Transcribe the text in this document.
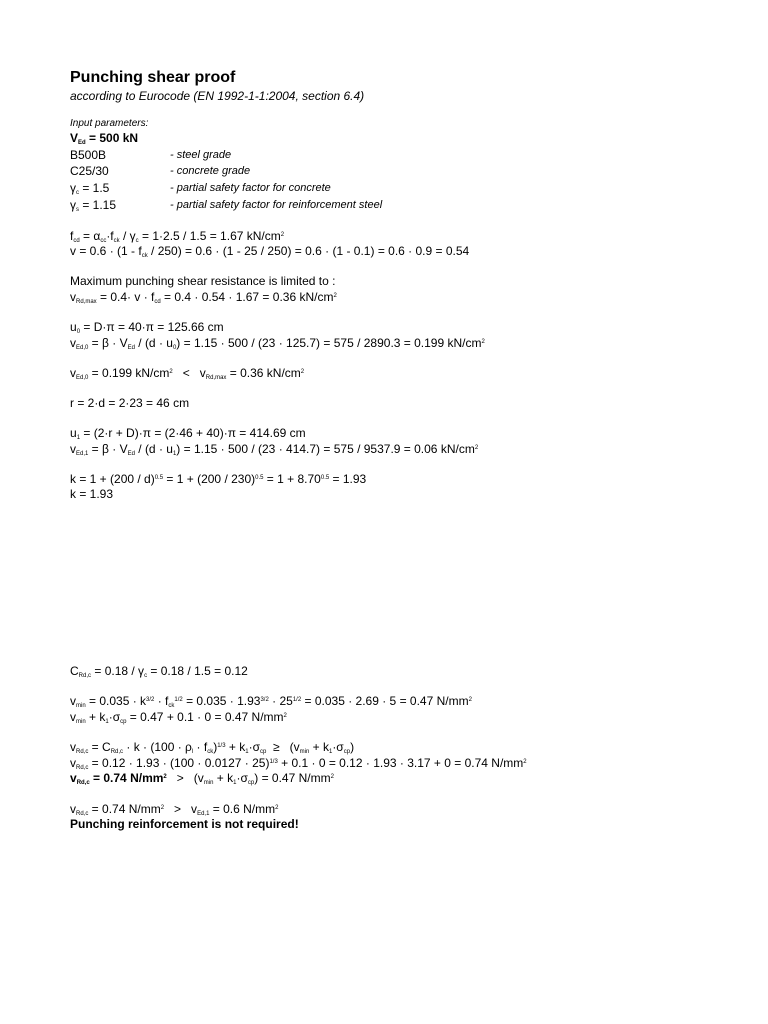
Punching shear proof
according to Eurocode (EN 1992-1-1:2004, section 6.4)
Input parameters:
$V_{Ed} = 500$ kN
B500B	- steel grade
C25/30	- concrete grade
$\gamma_c = 1.5$	- partial safety factor for concrete
$\gamma_s = 1.15$	- partial safety factor for reinforcement steel
$f_{cd} = \alpha_{cc}\cdot f_{ck} / \gamma_c = 1\cdot 2.5 / 1.5 = 1.67$ $kN/cm^2$
$v = 0.6 \cdot (1 - f_{ck} / 250) = 0.6 \cdot (1 - 25 / 250) = 0.6 \cdot (1 - 0.1) = 0.6 \cdot 0.9 = 0.54$
Maximum punching shear resistance is limited to :
$v_{Rd,max} = 0.4\cdot v \cdot f_{cd} = 0.4 \cdot 0.54 \cdot 1.67 = 0.36$ $kN/cm^2$
$u_0 = D\cdot\pi = 40\cdot\pi = 125.66$ cm
$v_{Ed,0} = \beta \cdot V_{Ed} / (d \cdot u_0) = 1.15 \cdot 500 / (23 \cdot 125.7) = 575 / 2890.3 = 0.199$ $kN/cm^2$
$v_{Ed,0} = 0.199$ $kN/cm^2 < v_{Rd,max} = 0.36$ $kN/cm^2$
r = 2·d = 2·23 = 46 cm
$u_1 = (2\cdot r + D)\cdot\pi = (2\cdot 46 + 40)\cdot\pi = 414.69$ cm
$v_{Ed,1} = \beta \cdot V_{Ed} / (d \cdot u_1) = 1.15 \cdot 500 / (23 \cdot 414.7) = 575 / 9537.9 = 0.06$ $kN/cm^2$
$k = 1 + (200 / d)^{0.5} = 1 + (200 / 230)^{0.5} = 1 + 8.70^{0.5} = 1.93$
k = 1.93
$C_{Rd,c} = 0.18 / \gamma_c = 0.18 / 1.5 = 0.12$
$v_{min} = 0.035 \cdot k^{3/2} \cdot f_{ck}^{1/2} = 0.035 \cdot 1.93^{3/2} \cdot 25^{1/2} = 0.035 \cdot 2.69 \cdot 5 = 0.47$ $N/mm^2$
$v_{min} + k_1\cdot\sigma_{cp} = 0.47 + 0.1 \cdot 0 = 0.47$ $N/mm^2$
$v_{Rd,c} = C_{Rd,c} \cdot k \cdot (100 \cdot \rho_l \cdot f_{ck})^{1/3} + k_1\cdot\sigma_{cp} \ge (v_{min} + k_1\cdot\sigma_{cp})$
$v_{Rd,c} = 0.12 \cdot 1.93 \cdot (100 \cdot 0.0127 \cdot 25)^{1/3} + 0.1 \cdot 0 = 0.12 \cdot 1.93 \cdot 3.17 + 0 = 0.74$ $N/mm^2$
$v_{Rd,c} = 0.74$ $N/mm^2 > (v_{min} + k_1\cdot\sigma_{cp}) = 0.47$ $N/mm^2$
$v_{Rd,c} = 0.74$ $N/mm^2 > v_{Ed,1} = 0.6$ $N/mm^2$
Punching reinforcement is not required!
